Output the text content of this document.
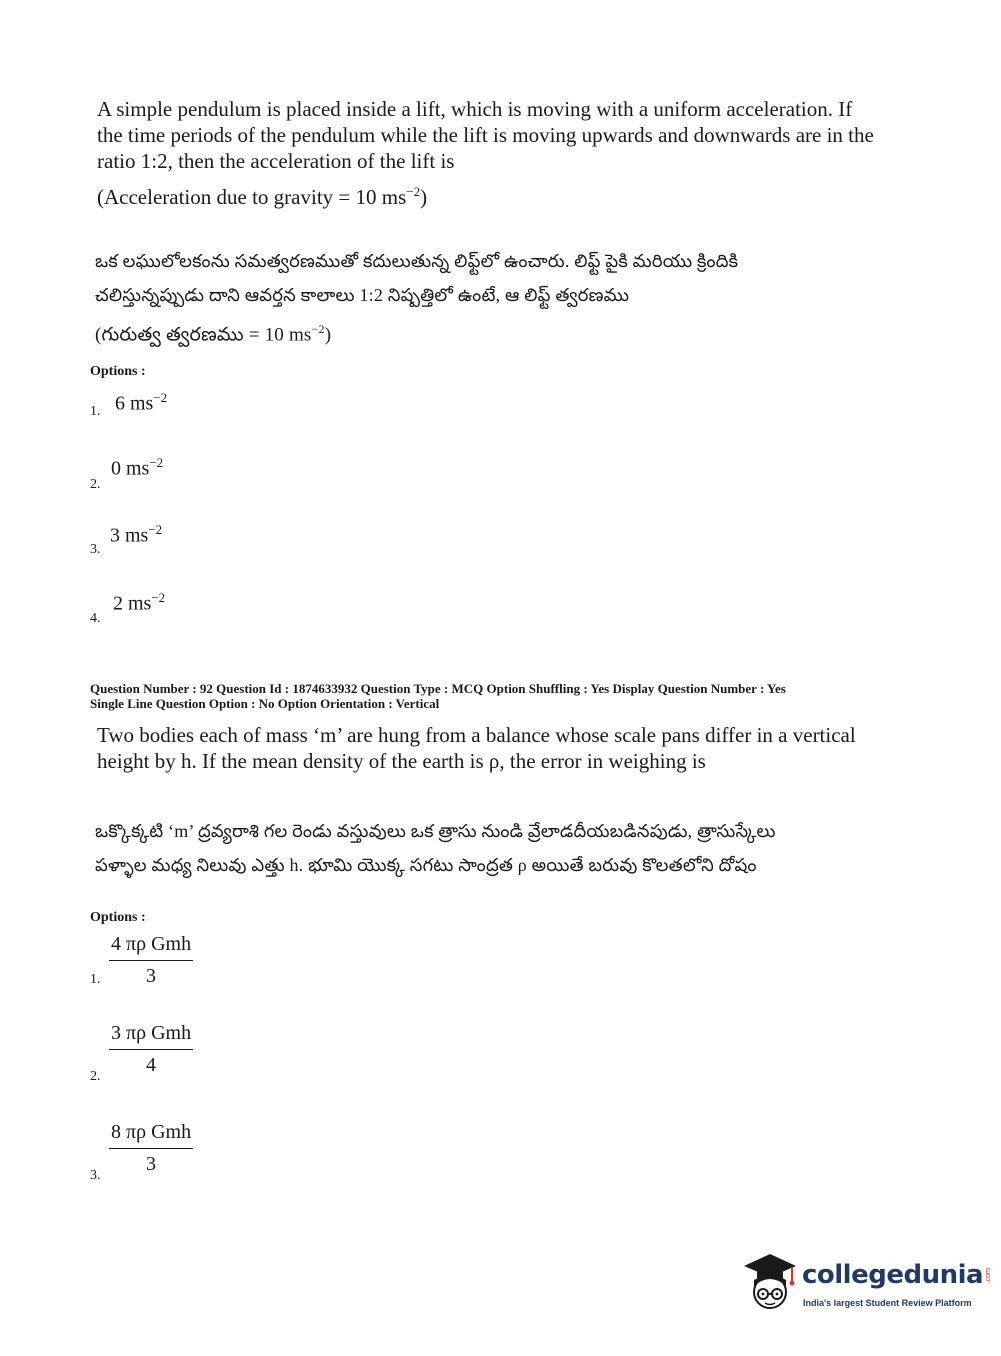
A simple pendulum is placed inside a lift, which is moving with a uniform acceleration. If
the time periods of the pendulum while the lift is moving upwards and downwards are in the
ratio 1:2, then the acceleration of the lift is
(Acceleration due to gravity = 10 $ms^{-2}$)
ఒక లఘులోలకంను సమత్వరణముతో కదులుతున్న లిఫ్ట్‌లో ఉంచారు. లిఫ్ట్ పైకి మరియు క్రిందికి
చలిస్తున్నప్పుడు దాని ఆవర్తన కాలాలు 1:2 నిష్పత్తిలో ఉంటే, ఆ లిఫ్ట్ త్వరణము
(గురుత్వ త్వరణము = 10 $ms^{-2}$)
Options :
1. 6 $ms^{-2}$
2.
0 $ms^{-2}$
3.
3 $ms^{-2}$
4.
2 $ms^{-2}$
Question Number : 92 Question Id : 1874633932 Question Type : MCQ Option Shuffling : Yes Display Question Number : Yes
Single Line Question Option : No Option Orientation : Vertical
Two bodies each of mass ‘m’ are hung from a balance whose scale pans differ in a vertical
height by h. If the mean density of the earth is ρ, the error in weighing is
ఒక్కొక్కటి ‘m’ ద్రవ్యరాశి గల రెండు వస్తువులు ఒక త్రాసు నుండి వ్రేలాడదీయబడినపుడు, త్రాసుస్కేలు
పళ్ళాల మధ్య నిలువు ఎత్తు h. భూమి యొక్క సగటు సాంద్రత ρ అయితే బరువు కొలతలోని దోషం
Options :
1.
4 πρ Gmh
3
2.
3 πρ Gmh
4
3.
8 πρ Gmh
3
collegedunia.com
India's largest Student Review Platform
